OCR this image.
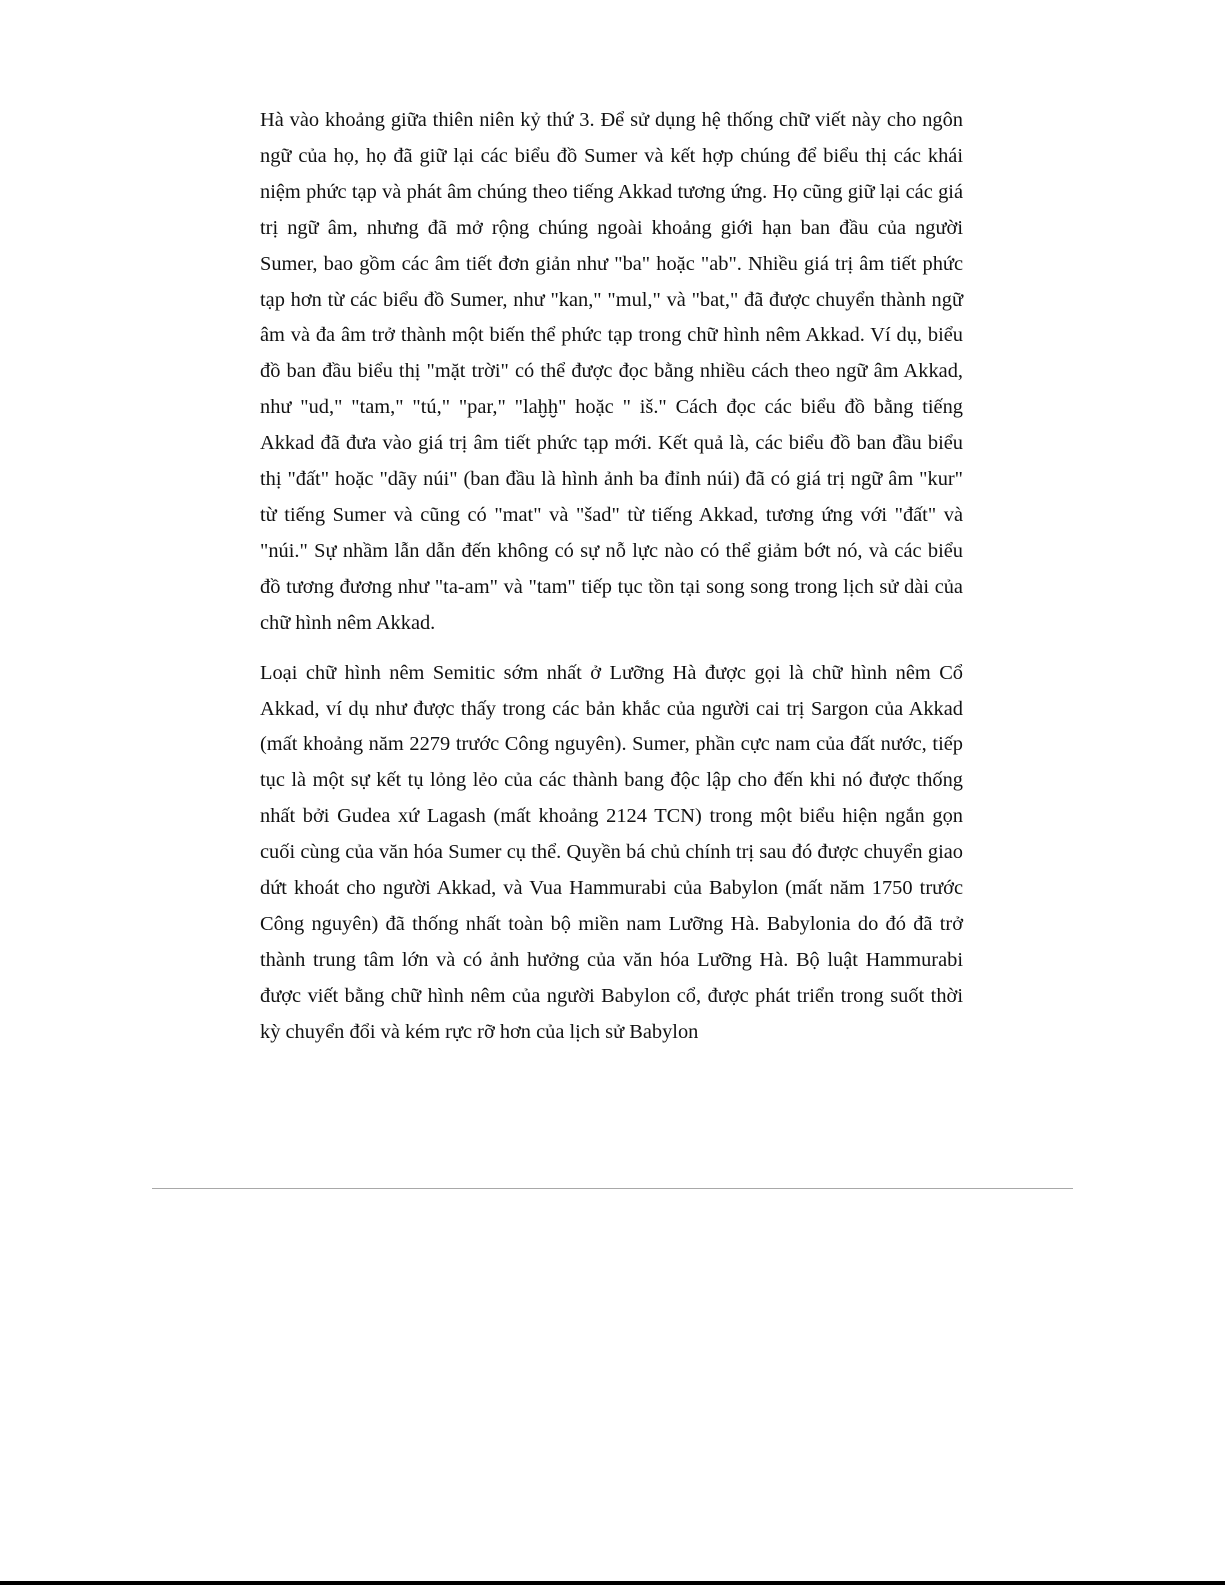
Hà vào khoảng giữa thiên niên kỷ thứ 3. Để sử dụng hệ thống chữ viết này cho ngôn ngữ của họ, họ đã giữ lại các biểu đồ Sumer và kết hợp chúng để biểu thị các khái niệm phức tạp và phát âm chúng theo tiếng Akkad tương ứng. Họ cũng giữ lại các giá trị ngữ âm, nhưng đã mở rộng chúng ngoài khoảng giới hạn ban đầu của người Sumer, bao gồm các âm tiết đơn giản như "ba" hoặc "ab". Nhiều giá trị âm tiết phức tạp hơn từ các biểu đồ Sumer, như "kan," "mul," và "bat," đã được chuyển thành ngữ âm và đa âm trở thành một biến thể phức tạp trong chữ hình nêm Akkad. Ví dụ, biểu đồ ban đầu biểu thị "mặt trời" có thể được đọc bằng nhiều cách theo ngữ âm Akkad, như "ud," "tam," "tú," "par," "laḫḫ" hoặc " iš." Cách đọc các biểu đồ bằng tiếng Akkad đã đưa vào giá trị âm tiết phức tạp mới. Kết quả là, các biểu đồ ban đầu biểu thị "đất" hoặc "dãy núi" (ban đầu là hình ảnh ba đỉnh núi) đã có giá trị ngữ âm "kur" từ tiếng Sumer và cũng có "mat" và "šad" từ tiếng Akkad, tương ứng với "đất" và "núi." Sự nhầm lẫn dẫn đến không có sự nỗ lực nào có thể giảm bớt nó, và các biểu đồ tương đương như "ta-am" và "tam" tiếp tục tồn tại song song trong lịch sử dài của chữ hình nêm Akkad.

Loại chữ hình nêm Semitic sớm nhất ở Lưỡng Hà được gọi là chữ hình nêm Cổ Akkad, ví dụ như được thấy trong các bản khắc của người cai trị Sargon của Akkad (mất khoảng năm 2279 trước Công nguyên). Sumer, phần cực nam của đất nước, tiếp tục là một sự kết tụ lỏng lẻo của các thành bang độc lập cho đến khi nó được thống nhất bởi Gudea xứ Lagash (mất khoảng 2124 TCN) trong một biểu hiện ngắn gọn cuối cùng của văn hóa Sumer cụ thể. Quyền bá chủ chính trị sau đó được chuyển giao dứt khoát cho người Akkad, và Vua Hammurabi của Babylon (mất năm 1750 trước Công nguyên) đã thống nhất toàn bộ miền nam Lưỡng Hà. Babylonia do đó đã trở thành trung tâm lớn và có ảnh hưởng của văn hóa Lưỡng Hà. Bộ luật Hammurabi được viết bằng chữ hình nêm của người Babylon cổ, được phát triển trong suốt thời kỳ chuyển đổi và kém rực rỡ hơn của lịch sử Babylon
